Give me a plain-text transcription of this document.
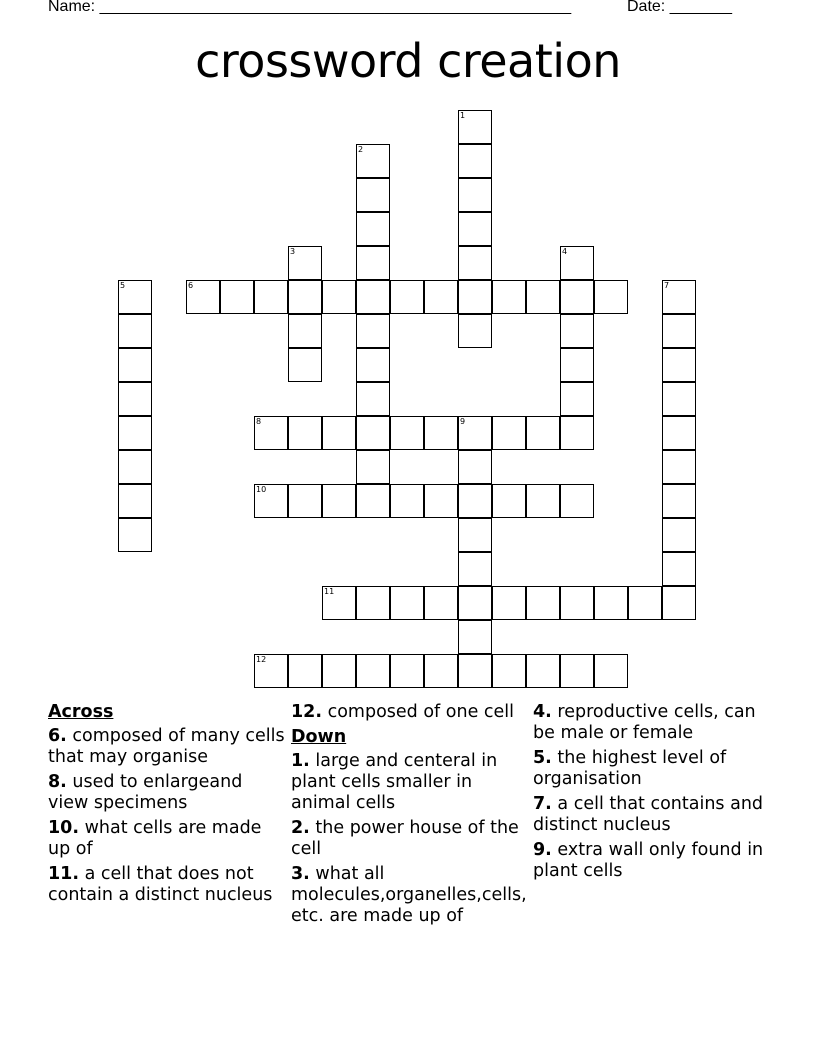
Name: _____________________________________________________	Date: _______
crossword creation
1
2
3	4
5	6	7
8	9
10
11
12
Across
6. composed of many cells that may organise
8. used to enlargeand view specimens
10. what cells are made up of
11. a cell that does not contain a distinct nucleus
12. composed of one cell
Down
1. large and centeral in plant cells smaller in animal cells
2. the power house of the cell
3. what all molecules,organelles,cells, etc. are made up of
4. reproductive cells, can be male or female
5. the highest level of organisation
7. a cell that contains and distinct nucleus
9. extra wall only found in plant cells
